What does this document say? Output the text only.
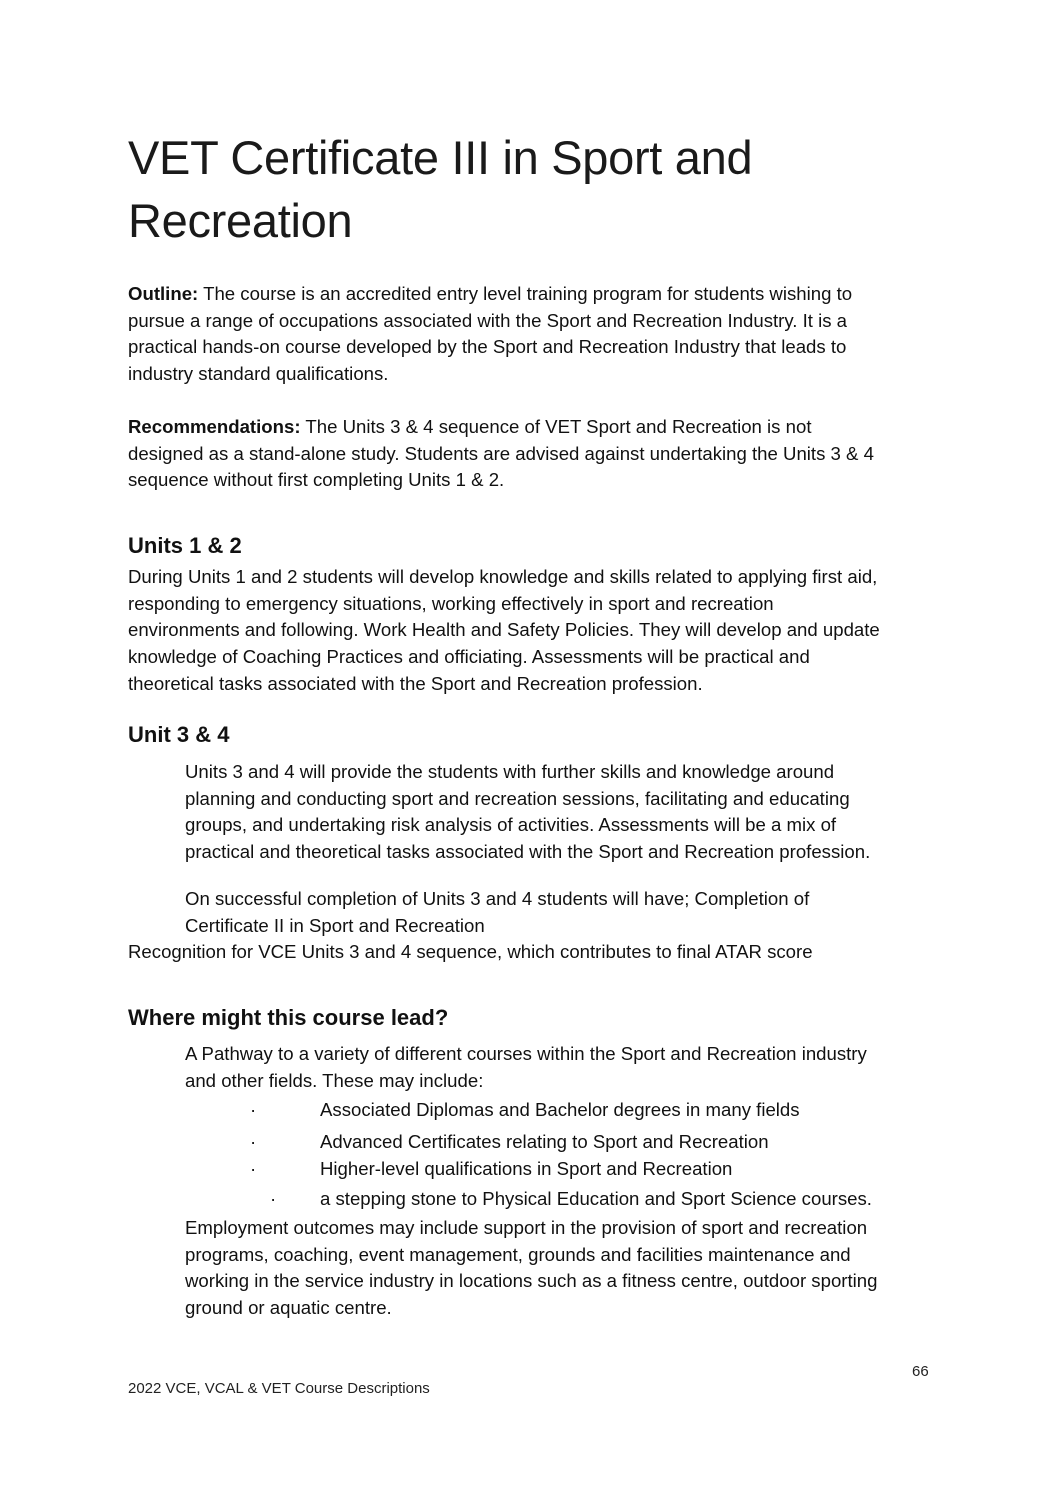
VET Certificate III in Sport and
Recreation
Outline: The course is an accredited entry level training program for students wishing to
pursue a range of occupations associated with the Sport and Recreation Industry. It is a
practical hands-on course developed by the Sport and Recreation Industry that leads to
industry standard qualifications.
Recommendations: The Units 3 & 4 sequence of VET Sport and Recreation is not
designed as a stand-alone study. Students are advised against undertaking the Units 3 & 4
sequence without first completing Units 1 & 2.
Units 1 & 2
During Units 1 and 2 students will develop knowledge and skills related to applying first aid,
responding to emergency situations, working effectively in sport and recreation
environments and following. Work Health and Safety Policies. They will develop and update
knowledge of Coaching Practices and officiating. Assessments will be practical and
theoretical tasks associated with the Sport and Recreation profession.
Unit 3 & 4
Units 3 and 4 will provide the students with further skills and knowledge around
planning and conducting sport and recreation sessions, facilitating and educating
groups, and undertaking risk analysis of activities. Assessments will be a mix of
practical and theoretical tasks associated with the Sport and Recreation profession.
On successful completion of Units 3 and 4 students will have; Completion of
Certificate II in Sport and Recreation
Recognition for VCE Units 3 and 4 sequence, which contributes to final ATAR score
Where might this course lead?
A Pathway to a variety of different courses within the Sport and Recreation industry
and other fields. These may include:
·	Associated Diplomas and Bachelor degrees in many fields
·	Advanced Certificates relating to Sport and Recreation
·	Higher-level qualifications in Sport and Recreation
· a stepping stone to Physical Education and Sport Science courses.
Employment outcomes may include support in the provision of sport and recreation
programs, coaching, event management, grounds and facilities maintenance and
working in the service industry in locations such as a fitness centre, outdoor sporting
ground or aquatic centre.
66
2022 VCE, VCAL & VET Course Descriptions
